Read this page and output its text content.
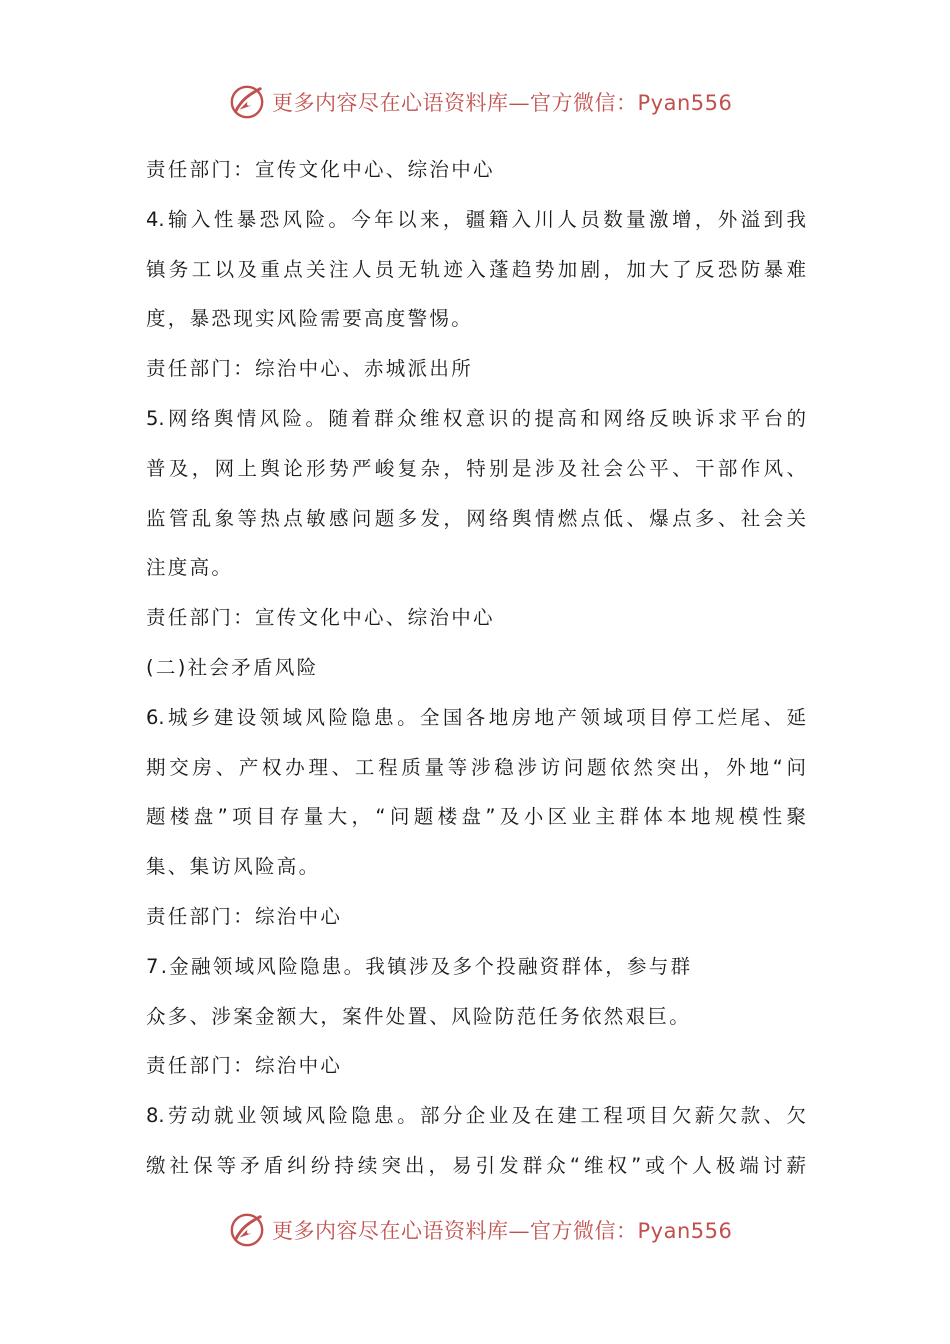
更多内容尽在心语资料库—官方微信：Pyan556
责任部门：宣传文化中心、综治中心
4.输入性暴恐风险。今年以来，疆籍入川人员数量激增，外溢到我
镇务工以及重点关注人员无轨迹入蓬趋势加剧，加大了反恐防暴难
度，暴恐现实风险需要高度警惕。
责任部门：综治中心、赤城派出所
5.网络舆情风险。随着群众维权意识的提高和网络反映诉求平台的
普及，网上舆论形势严峻复杂，特别是涉及社会公平、干部作风、
监管乱象等热点敏感问题多发，网络舆情燃点低、爆点多、社会关
注度高。
责任部门：宣传文化中心、综治中心
(二)社会矛盾风险
6.城乡建设领域风险隐患。全国各地房地产领域项目停工烂尾、延
期交房、产权办理、工程质量等涉稳涉访问题依然突出，外地“问
题楼盘”项目存量大，“问题楼盘”及小区业主群体本地规模性聚
集、集访风险高。
责任部门：综治中心
7.金融领域风险隐患。我镇涉及多个投融资群体，参与群
众多、涉案金额大，案件处置、风险防范任务依然艰巨。
责任部门：综治中心
8.劳动就业领域风险隐患。部分企业及在建工程项目欠薪欠款、欠
缴社保等矛盾纠纷持续突出，易引发群众“维权”或个人极端讨薪
更多内容尽在心语资料库—官方微信：Pyan556
